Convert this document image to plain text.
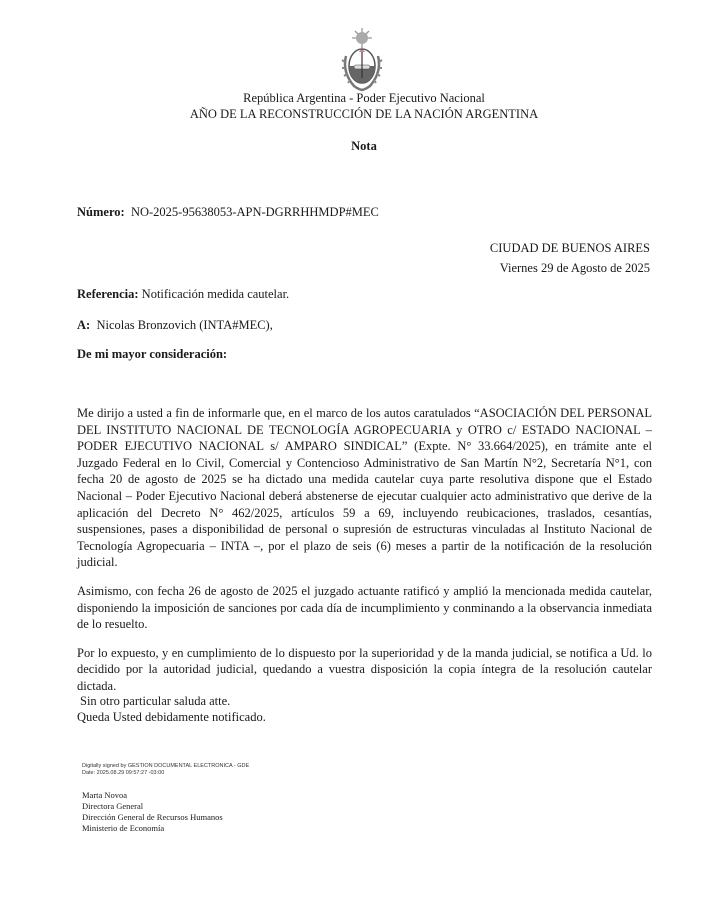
República Argentina - Poder Ejecutivo Nacional
AÑO DE LA RECONSTRUCCIÓN DE LA NACIÓN ARGENTINA
Nota
Número: NO-2025-95638053-APN-DGRRHHMDP#MEC
CIUDAD DE BUENOS AIRES
Viernes 29 de Agosto de 2025
Referencia: Notificación medida cautelar.
A: Nicolas Bronzovich (INTA#MEC),
De mi mayor consideración:

Me dirijo a usted a fin de informarle que, en el marco de los autos caratulados “ASOCIACIÓN DEL PERSONAL DEL INSTITUTO NACIONAL DE TECNOLOGÍA AGROPECUARIA y OTRO c/ ESTADO NACIONAL – PODER EJECUTIVO NACIONAL s/ AMPARO SINDICAL” (Expte. N° 33.664/2025), en trámite ante el Juzgado Federal en lo Civil, Comercial y Contencioso Administrativo de San Martín N°2, Secretaría N°1, con fecha 20 de agosto de 2025 se ha dictado una medida cautelar cuya parte resolutiva dispone que el Estado Nacional – Poder Ejecutivo Nacional deberá abstenerse de ejecutar cualquier acto administrativo que derive de la aplicación del Decreto N° 462/2025, artículos 59 a 69, incluyendo reubicaciones, traslados, cesantías, suspensiones, pases a disponibilidad de personal o supresión de estructuras vinculadas al Instituto Nacional de Tecnología Agropecuaria – INTA –, por el plazo de seis (6) meses a partir de la notificación de la resolución judicial.

Asimismo, con fecha 26 de agosto de 2025 el juzgado actuante ratificó y amplió la mencionada medida cautelar, disponiendo la imposición de sanciones por cada día de incumplimiento y conminando a la observancia inmediata de lo resuelto.

Por lo expuesto, y en cumplimiento de lo dispuesto por la superioridad y de la manda judicial, se notifica a Ud. lo decidido por la autoridad judicial, quedando a vuestra disposición la copia íntegra de la resolución cautelar dictada.

Queda Usted debidamente notificado.

Sin otro particular saluda atte.
Digitally signed by GESTION DOCUMENTAL ELECTRONICA - GDE
Date: 2025.08.29 09:57:27 -03:00
Marta Novoa
Directora General
Dirección General de Recursos Humanos
Ministerio de Economía
